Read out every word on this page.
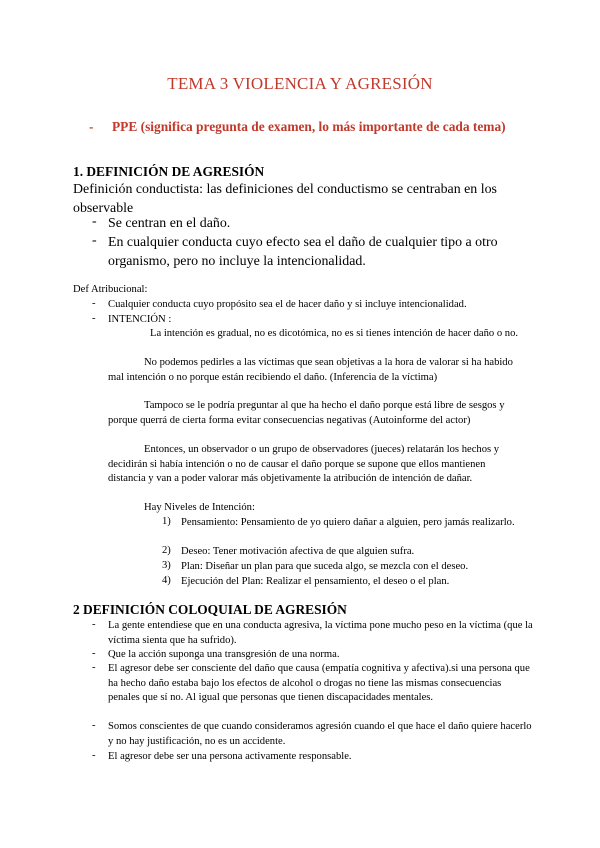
TEMA 3 VIOLENCIA Y AGRESIÓN
- PPE (significa pregunta de examen, lo más importante de cada tema)
1. DEFINICIÓN DE AGRESIÓN
Definición conductista: las definiciones del conductismo se centraban en los observable
- Se centran en el daño.
- En cualquier conducta cuyo efecto sea el daño de cualquier tipo a otro organismo, pero no incluye la intencionalidad.
Def Atribucional:
- Cualquier conducta cuyo propósito sea el de hacer daño y si incluye intencionalidad.
- INTENCIÓN :
La intención es gradual, no es dicotómica, no es si tienes intención de hacer daño o no.
No podemos pedirles a las víctimas que sean objetivas a la hora de valorar si ha habido mal intención o no porque están recibiendo el daño. (Inferencia de la víctima)
Tampoco se le podría preguntar al que ha hecho el daño porque está libre de sesgos y porque querrá de cierta forma evitar consecuencias negativas (Autoinforme del actor)
Entonces, un observador o un grupo de observadores (jueces) relatarán los hechos y decidirán si había intención o no de causar el daño porque se supone que ellos mantienen distancia y van a poder valorar más objetivamente la atribución de intención de dañar.
Hay Niveles de Intención:
1) Pensamiento: Pensamiento de yo quiero dañar a alguien, pero jamás realizarlo.
2) Deseo: Tener motivación afectiva de que alguien sufra.
3) Plan: Diseñar un plan para que suceda algo, se mezcla con el deseo.
4) Ejecución del Plan: Realizar el pensamiento, el deseo o el plan.
2 DEFINICIÓN COLOQUIAL DE AGRESIÓN
- La gente entendiese que en una conducta agresiva, la víctima pone mucho peso en la víctima (que la víctima sienta que ha sufrido).
- Que la acción suponga una transgresión de una norma.
- El agresor debe ser consciente del daño que causa (empatía cognitiva y afectiva).si una persona que ha hecho daño estaba bajo los efectos de alcohol o drogas no tiene las mismas consecuencias penales que sí no. Al igual que personas que tienen discapacidades mentales.
- Somos conscientes de que cuando consideramos agresión cuando el que hace el daño quiere hacerlo y no hay justificación, no es un accidente.
- El agresor debe ser una persona activamente responsable.
